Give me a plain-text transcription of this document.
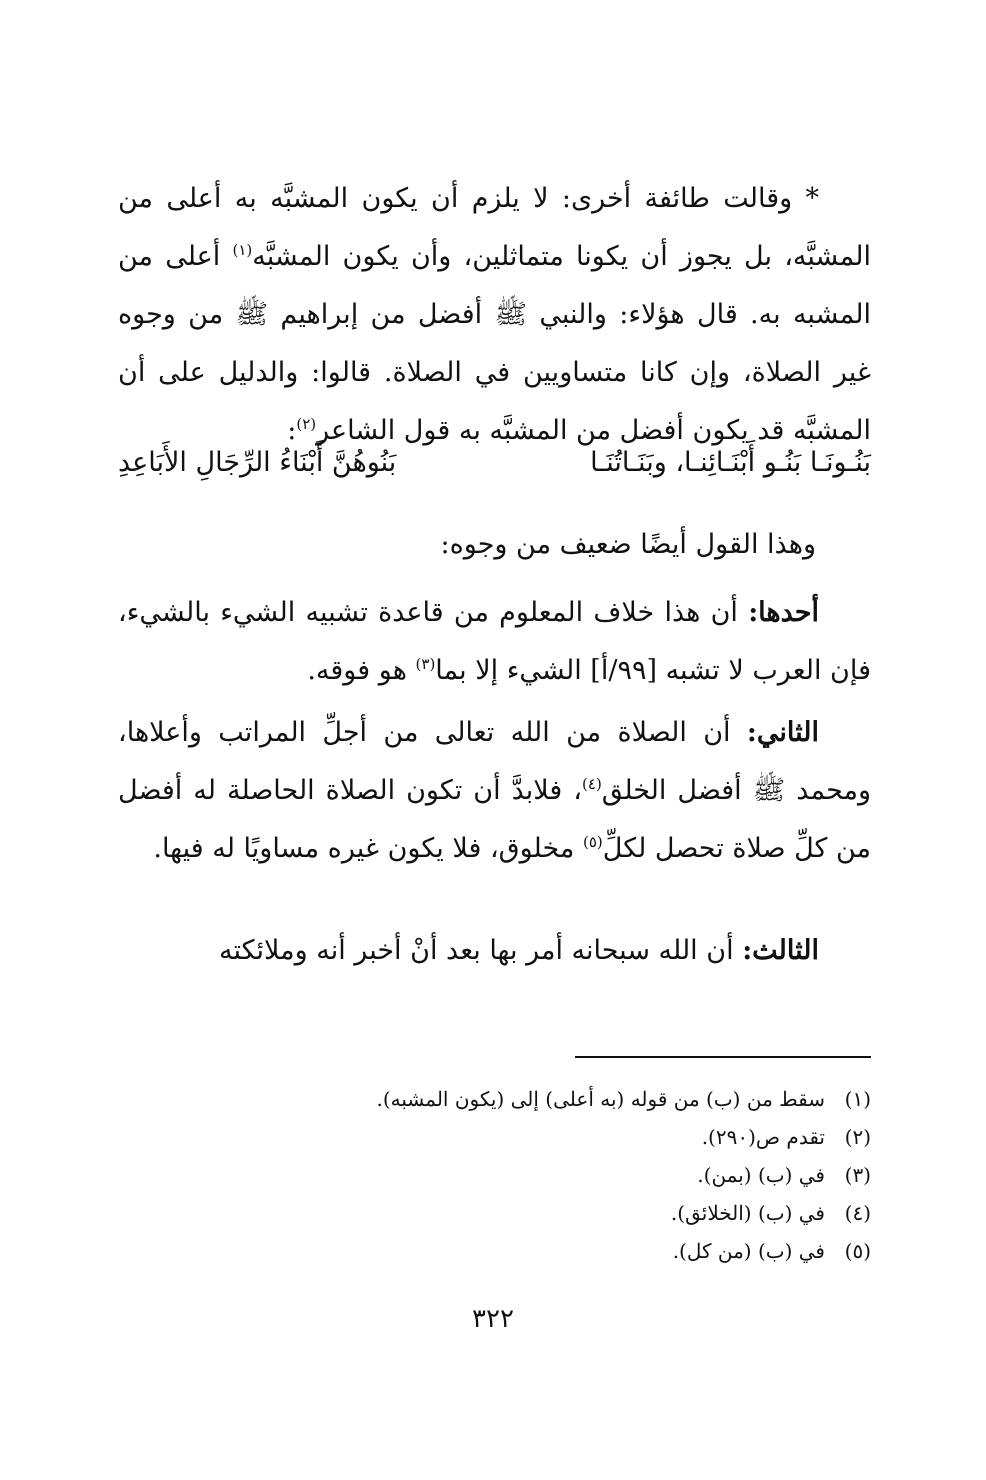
* وقالت طائفة أخرى: لا يلزم أن يكون المشبَّه به أعلى من المشبَّه، بل يجوز أن يكونا متماثلين، وأن يكون المشبَّه$^{(١)}$ أعلى من المشبه به. قال هؤلاء: والنبي ﷺ أفضل من إبراهيم ﷺ من وجوه غير الصلاة، وإن كانا متساويين في الصلاة. قالوا: والدليل على أن المشبَّه قد يكون أفضل من المشبَّه به قول الشاعر$^{(٢)}$:
بَنُـونَـا بَنُـو أَبْنَـائِنـا، وبَنَـاتُنَـا
بَنُوهُنَّ أَبْنَاءُ الرِّجَالِ الأَبَاعِدِ
وهذا القول أيضًا ضعيف من وجوه:
أحدها: أن هذا خلاف المعلوم من قاعدة تشبيه الشيء بالشيء، فإن العرب لا تشبه [٩٩/أ] الشيء إلا بما$^{(٣)}$ هو فوقه.
الثاني: أن الصلاة من الله تعالى من أجلِّ المراتب وأعلاها، ومحمد ﷺ أفضل الخلق$^{(٤)}$، فلابدَّ أن تكون الصلاة الحاصلة له أفضل من كلِّ صلاة تحصل لكلِّ$^{(٥)}$ مخلوق، فلا يكون غيره مساويًا له فيها.
الثالث: أن الله سبحانه أمر بها بعد أنْ أخبر أنه وملائكته
(١)سقط من (ب) من قوله (به أعلى) إلى (يكون المشبه).
(٢)تقدم ص(٢٩٠).
(٣)في (ب) (بمن).
(٤)في (ب) (الخلائق).
(٥)في (ب) (من كل).
٣٢٢
